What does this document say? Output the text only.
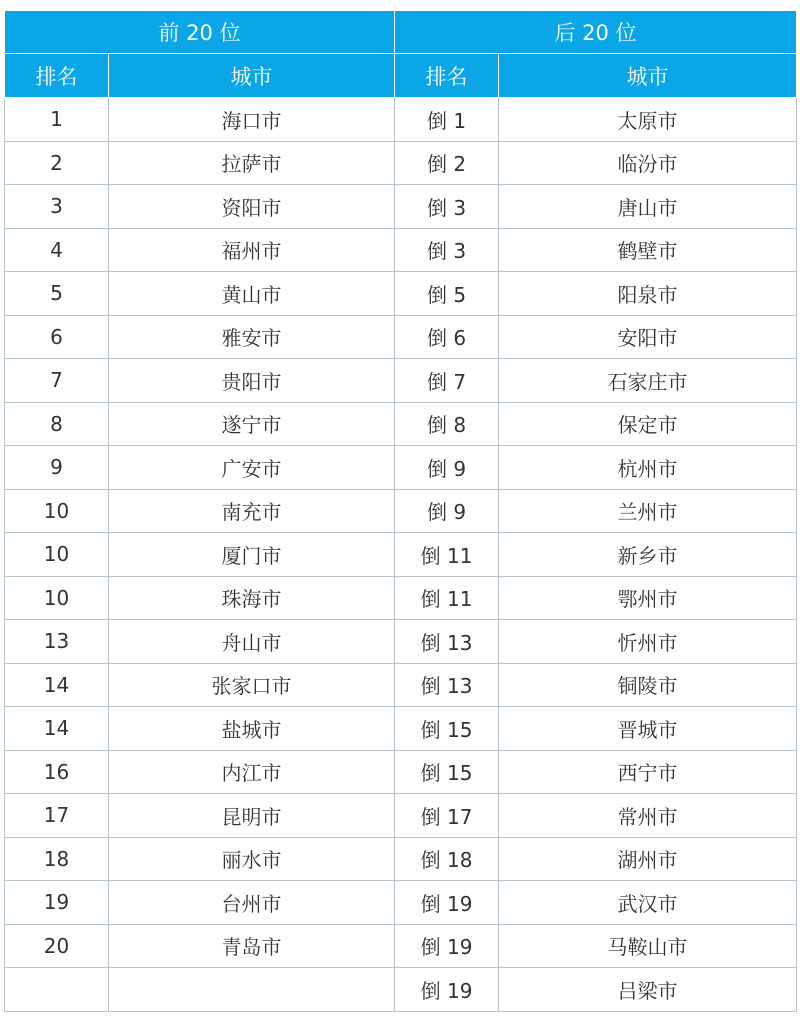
前 20 位		后 20 位	
排名	城市	排名	城市
1	海口市	倒 1	太原市
2	拉萨市	倒 2	临汾市
3	资阳市	倒 3	唐山市
4	福州市	倒 3	鹤壁市
5	黄山市	倒 5	阳泉市
6	雅安市	倒 6	安阳市
7	贵阳市	倒 7	石家庄市
8	遂宁市	倒 8	保定市
9	广安市	倒 9	杭州市
10	南充市	倒 9	兰州市
10	厦门市	倒 11	新乡市
10	珠海市	倒 11	鄂州市
13	舟山市	倒 13	忻州市
14	张家口市	倒 13	铜陵市
14	盐城市	倒 15	晋城市
16	内江市	倒 15	西宁市
17	昆明市	倒 17	常州市
18	丽水市	倒 18	湖州市
19	台州市	倒 19	武汉市
20	青岛市	倒 19	马鞍山市
		倒 19	吕梁市
